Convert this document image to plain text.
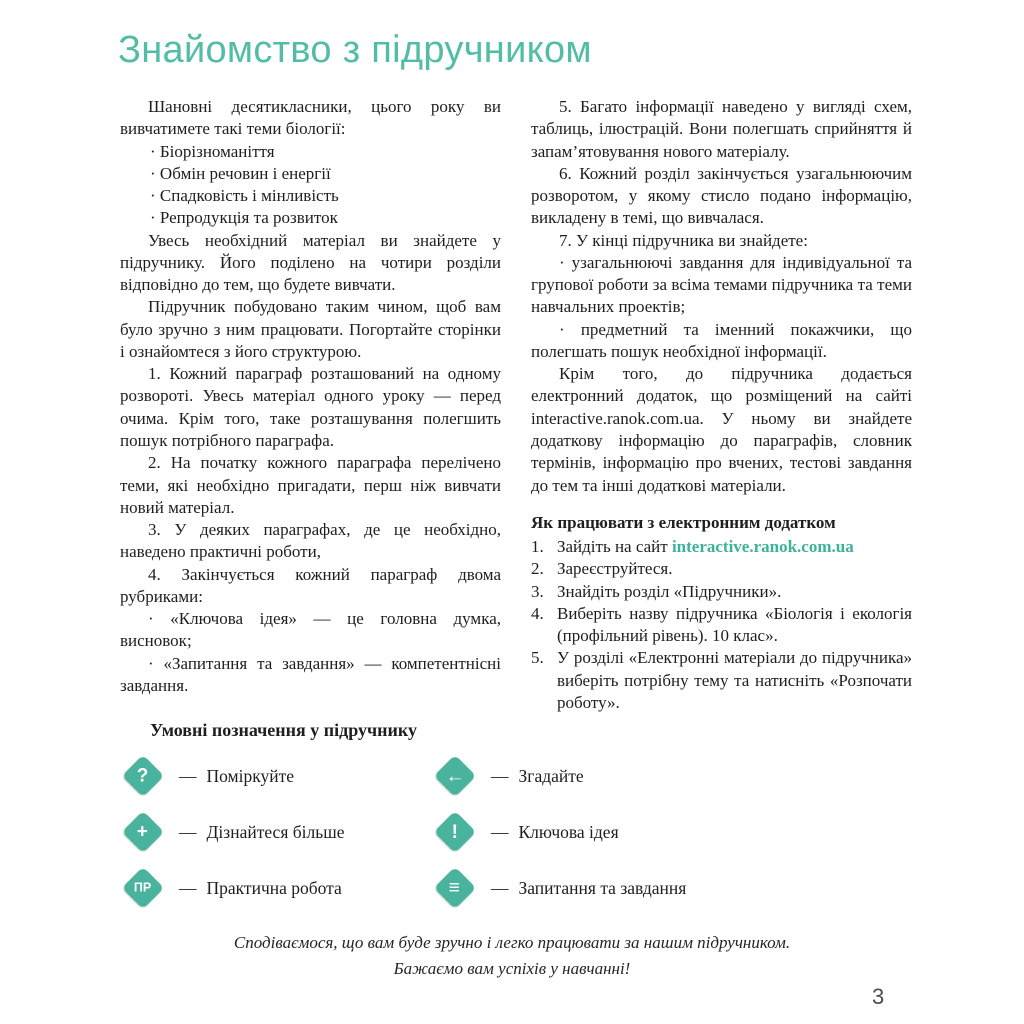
Знайомство з підручником

Шановні десятикласники, цього року ви вивчатимете такі теми біології:

· Біорізноманіття
· Обмін речовин і енергії
· Спадковість і мінливість
· Репродукція та розвиток

Увесь необхідний матеріал ви знайдете у підручнику. Його поділено на чотири розділи відповідно до тем, що будете вивчати.

Підручник побудовано таким чином, щоб вам було зручно з ним працювати. Погортайте сторінки і ознайомтеся з його структурою.

1. Кожний параграф розташований на одному розвороті. Увесь матеріал одного уроку — перед очима. Крім того, таке розташування полегшить пошук потрібного параграфа.

2. На початку кожного параграфа перелічено теми, які необхідно пригадати, перш ніж вивчати новий матеріал.

3. У деяких параграфах, де це необхідно, наведено практичні роботи,

4. Закінчується кожний параграф двома рубриками:

· «Ключова ідея» — це головна думка, висновок;

· «Запитання та завдання» — компетентнісні завдання.

5. Багато інформації наведено у вигляді схем, таблиць, ілюстрацій. Вони полегшать сприйняття й запам’ятовування нового матеріалу.

6. Кожний розділ закінчується узагальнюючим розворотом, у якому стисло подано інформацію, викладену в темі, що вивчалася.

7. У кінці підручника ви знайдете:

· узагальнюючі завдання для індивідуальної та групової роботи за всіма темами підручника та теми навчальних проектів;

· предметний та іменний покажчики, що полегшать пошук необхідної інформації.

Крім того, до підручника додається електронний додаток, що розміщений на сайті interactive.ranok.com.ua. У ньому ви знайдете додаткову інформацію до параграфів, словник термінів, інформацію про вчених, тестові завдання до тем та інші додаткові матеріали.

Як працювати з електронним додатком

1. Зайдіть на сайт interactive.ranok.com.ua
2. Зареєструйтеся.
3. Знайдіть розділ «Підручники».
4. Виберіть назву підручника «Біологія і екологія (профільний рівень). 10 клас».
5. У розділі «Електронні матеріали до підручника» виберіть потрібну тему та натисніть «Розпочати роботу».
Умовні позначення у підручнику
? — Поміркуйте	← — Згадайте
+ — Дізнайтеся більше	! — Ключова ідея
ПР — Практична робота	≡ — Запитання та завдання

Сподіваємося, що вам буде зручно і легко працювати за нашим підручником.

Бажаємо вам успіхів у навчанні!

3
